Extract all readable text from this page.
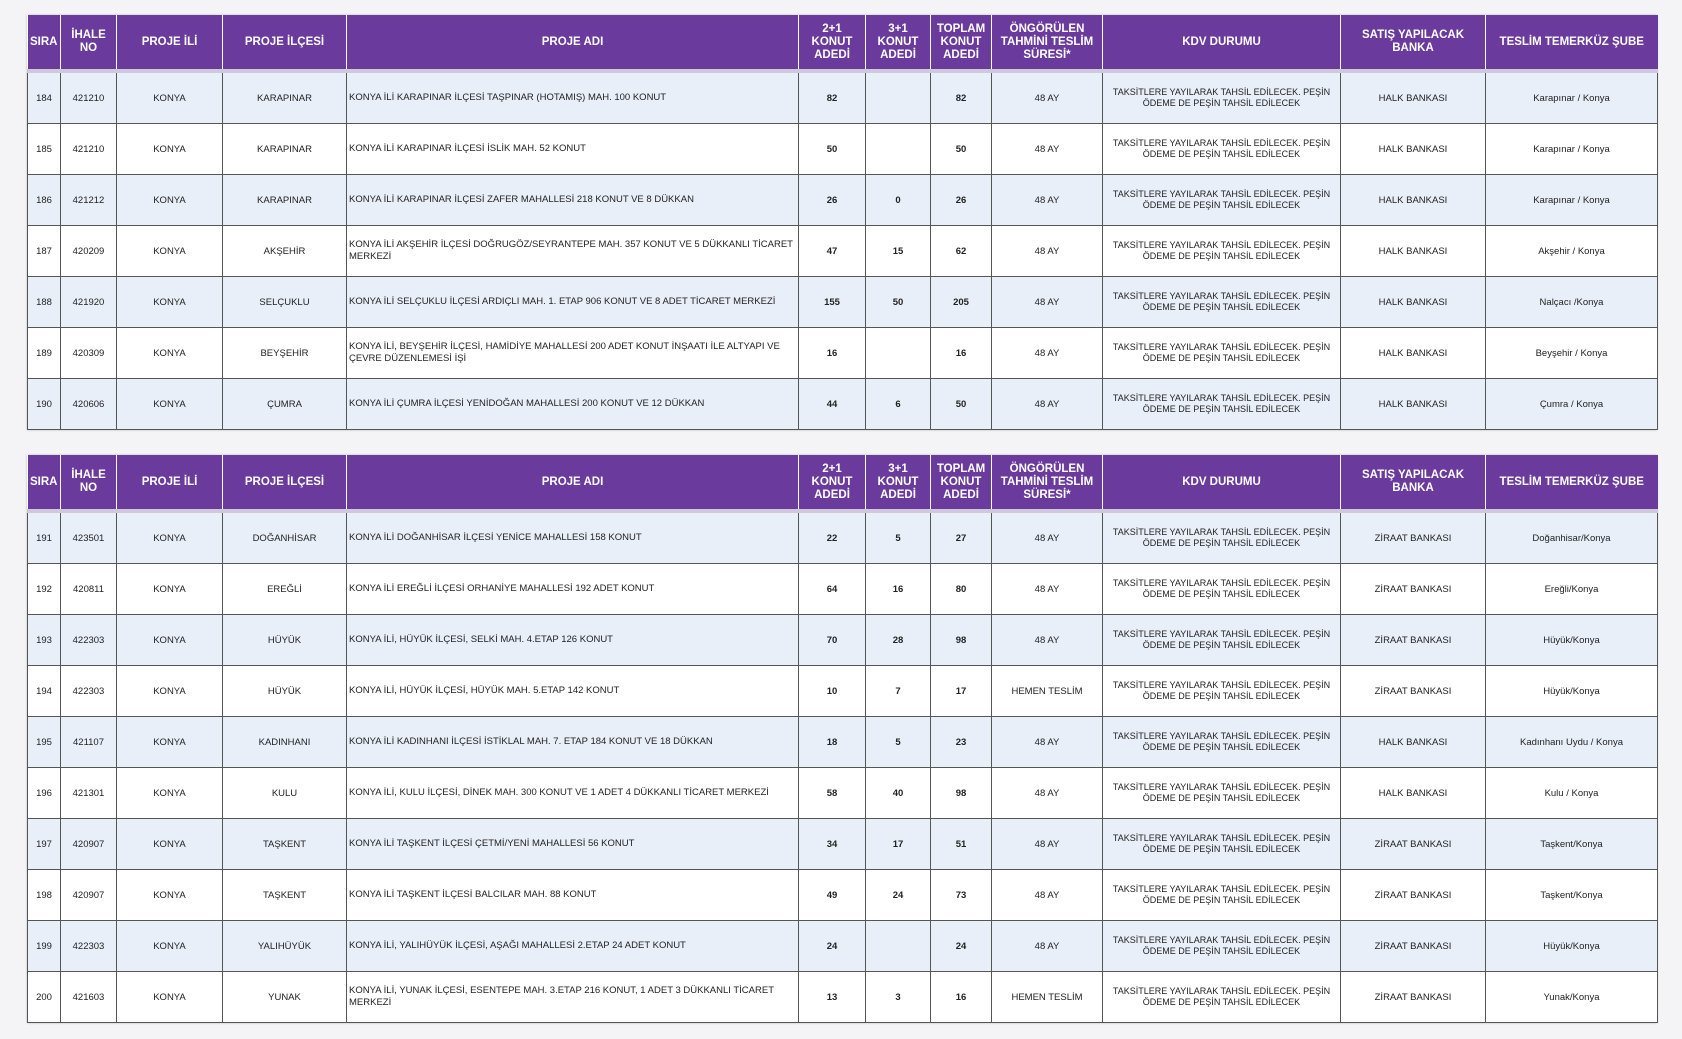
SIRA	İHALE NO	PROJE İLİ	PROJE İLÇESİ	PROJE ADI	2+1 KONUT ADEDİ	3+1 KONUT ADEDİ	TOPLAM KONUT ADEDİ	ÖNGÖRÜLEN TAHMİNİ TESLİM SÜRESİ*	KDV DURUMU	SATIŞ YAPILACAK BANKA	TESLİM TEMERKÜZ ŞUBE
184	421210	KONYA	KARAPINAR	KONYA İLİ KARAPINAR İLÇESİ TAŞPINAR (HOTAMIŞ) MAH. 100 KONUT	82		82	48 AY	TAKSİTLERE YAYILARAK TAHSİL EDİLECEK. PEŞİN ÖDEME DE PEŞİN TAHSİL EDİLECEK	HALK BANKASI	Karapınar / Konya
185	421210	KONYA	KARAPINAR	KONYA İLİ KARAPINAR İLÇESİ İSLİK MAH. 52 KONUT	50		50	48 AY	TAKSİTLERE YAYILARAK TAHSİL EDİLECEK. PEŞİN ÖDEME DE PEŞİN TAHSİL EDİLECEK	HALK BANKASI	Karapınar / Konya
186	421212	KONYA	KARAPINAR	KONYA İLİ KARAPINAR İLÇESİ ZAFER MAHALLESİ 218 KONUT VE 8 DÜKKAN	26	0	26	48 AY	TAKSİTLERE YAYILARAK TAHSİL EDİLECEK. PEŞİN ÖDEME DE PEŞİN TAHSİL EDİLECEK	HALK BANKASI	Karapınar / Konya
187	420209	KONYA	AKŞEHİR	KONYA İLİ AKŞEHİR İLÇESİ DOĞRUGÖZ/SEYRANTEPE MAH. 357 KONUT VE 5 DÜKKANLI TİCARET MERKEZİ	47	15	62	48 AY	TAKSİTLERE YAYILARAK TAHSİL EDİLECEK. PEŞİN ÖDEME DE PEŞİN TAHSİL EDİLECEK	HALK BANKASI	Akşehir / Konya
188	421920	KONYA	SELÇUKLU	KONYA İLİ SELÇUKLU İLÇESİ ARDIÇLI MAH. 1. ETAP 906 KONUT VE 8 ADET TİCARET MERKEZİ	155	50	205	48 AY	TAKSİTLERE YAYILARAK TAHSİL EDİLECEK. PEŞİN ÖDEME DE PEŞİN TAHSİL EDİLECEK	HALK BANKASI	Nalçacı /Konya
189	420309	KONYA	BEYŞEHİR	KONYA İLİ, BEYŞEHİR İLÇESİ, HAMİDİYE MAHALLESİ 200 ADET KONUT İNŞAATI İLE ALTYAPI VE ÇEVRE DÜZENLEMESİ İŞİ	16		16	48 AY	TAKSİTLERE YAYILARAK TAHSİL EDİLECEK. PEŞİN ÖDEME DE PEŞİN TAHSİL EDİLECEK	HALK BANKASI	Beyşehir / Konya
190	420606	KONYA	ÇUMRA	KONYA İLİ ÇUMRA İLÇESİ YENİDOĞAN MAHALLESİ 200 KONUT VE 12 DÜKKAN	44	6	50	48 AY	TAKSİTLERE YAYILARAK TAHSİL EDİLECEK. PEŞİN ÖDEME DE PEŞİN TAHSİL EDİLECEK	HALK BANKASI	Çumra / Konya
SIRA	İHALE NO	PROJE İLİ	PROJE İLÇESİ	PROJE ADI	2+1 KONUT ADEDİ	3+1 KONUT ADEDİ	TOPLAM KONUT ADEDİ	ÖNGÖRÜLEN TAHMİNİ TESLİM SÜRESİ*	KDV DURUMU	SATIŞ YAPILACAK BANKA	TESLİM TEMERKÜZ ŞUBE
191	423501	KONYA	DOĞANHİSAR	KONYA İLİ DOĞANHİSAR İLÇESİ YENİCE MAHALLESİ 158 KONUT	22	5	27	48 AY	TAKSİTLERE YAYILARAK TAHSİL EDİLECEK. PEŞİN ÖDEME DE PEŞİN TAHSİL EDİLECEK	ZİRAAT BANKASI	Doğanhisar/Konya
192	420811	KONYA	EREĞLİ	KONYA İLİ EREĞLİ İLÇESİ ORHANİYE MAHALLESİ 192 ADET KONUT	64	16	80	48 AY	TAKSİTLERE YAYILARAK TAHSİL EDİLECEK. PEŞİN ÖDEME DE PEŞİN TAHSİL EDİLECEK	ZİRAAT BANKASI	Ereğli/Konya
193	422303	KONYA	HÜYÜK	KONYA İLİ, HÜYÜK İLÇESİ, SELKİ MAH. 4.ETAP 126 KONUT	70	28	98	48 AY	TAKSİTLERE YAYILARAK TAHSİL EDİLECEK. PEŞİN ÖDEME DE PEŞİN TAHSİL EDİLECEK	ZİRAAT BANKASI	Hüyük/Konya
194	422303	KONYA	HÜYÜK	KONYA İLİ, HÜYÜK İLÇESİ, HÜYÜK MAH. 5.ETAP 142 KONUT	10	7	17	HEMEN TESLİM	TAKSİTLERE YAYILARAK TAHSİL EDİLECEK. PEŞİN ÖDEME DE PEŞİN TAHSİL EDİLECEK	ZİRAAT BANKASI	Hüyük/Konya
195	421107	KONYA	KADINHANI	KONYA İLİ KADINHANI İLÇESİ İSTİKLAL MAH. 7. ETAP 184 KONUT VE 18 DÜKKAN	18	5	23	48 AY	TAKSİTLERE YAYILARAK TAHSİL EDİLECEK. PEŞİN ÖDEME DE PEŞİN TAHSİL EDİLECEK	HALK BANKASI	Kadınhanı Uydu / Konya
196	421301	KONYA	KULU	KONYA İLİ, KULU İLÇESİ, DİNEK MAH. 300 KONUT VE 1 ADET 4 DÜKKANLI TİCARET MERKEZİ	58	40	98	48 AY	TAKSİTLERE YAYILARAK TAHSİL EDİLECEK. PEŞİN ÖDEME DE PEŞİN TAHSİL EDİLECEK	HALK BANKASI	Kulu / Konya
197	420907	KONYA	TAŞKENT	KONYA İLİ TAŞKENT İLÇESİ ÇETMİ/YENİ MAHALLESİ 56 KONUT	34	17	51	48 AY	TAKSİTLERE YAYILARAK TAHSİL EDİLECEK. PEŞİN ÖDEME DE PEŞİN TAHSİL EDİLECEK	ZİRAAT BANKASI	Taşkent/Konya
198	420907	KONYA	TAŞKENT	KONYA İLİ TAŞKENT İLÇESİ BALCILAR MAH. 88 KONUT	49	24	73	48 AY	TAKSİTLERE YAYILARAK TAHSİL EDİLECEK. PEŞİN ÖDEME DE PEŞİN TAHSİL EDİLECEK	ZİRAAT BANKASI	Taşkent/Konya
199	422303	KONYA	YALIHÜYÜK	KONYA İLİ, YALIHÜYÜK İLÇESİ, AŞAĞI MAHALLESİ 2.ETAP 24 ADET KONUT	24		24	48 AY	TAKSİTLERE YAYILARAK TAHSİL EDİLECEK. PEŞİN ÖDEME DE PEŞİN TAHSİL EDİLECEK	ZİRAAT BANKASI	Hüyük/Konya
200	421603	KONYA	YUNAK	KONYA İLİ, YUNAK İLÇESİ, ESENTEPE MAH. 3.ETAP 216 KONUT, 1 ADET 3 DÜKKANLI TİCARET MERKEZİ	13	3	16	HEMEN TESLİM	TAKSİTLERE YAYILARAK TAHSİL EDİLECEK. PEŞİN ÖDEME DE PEŞİN TAHSİL EDİLECEK	ZİRAAT BANKASI	Yunak/Konya
